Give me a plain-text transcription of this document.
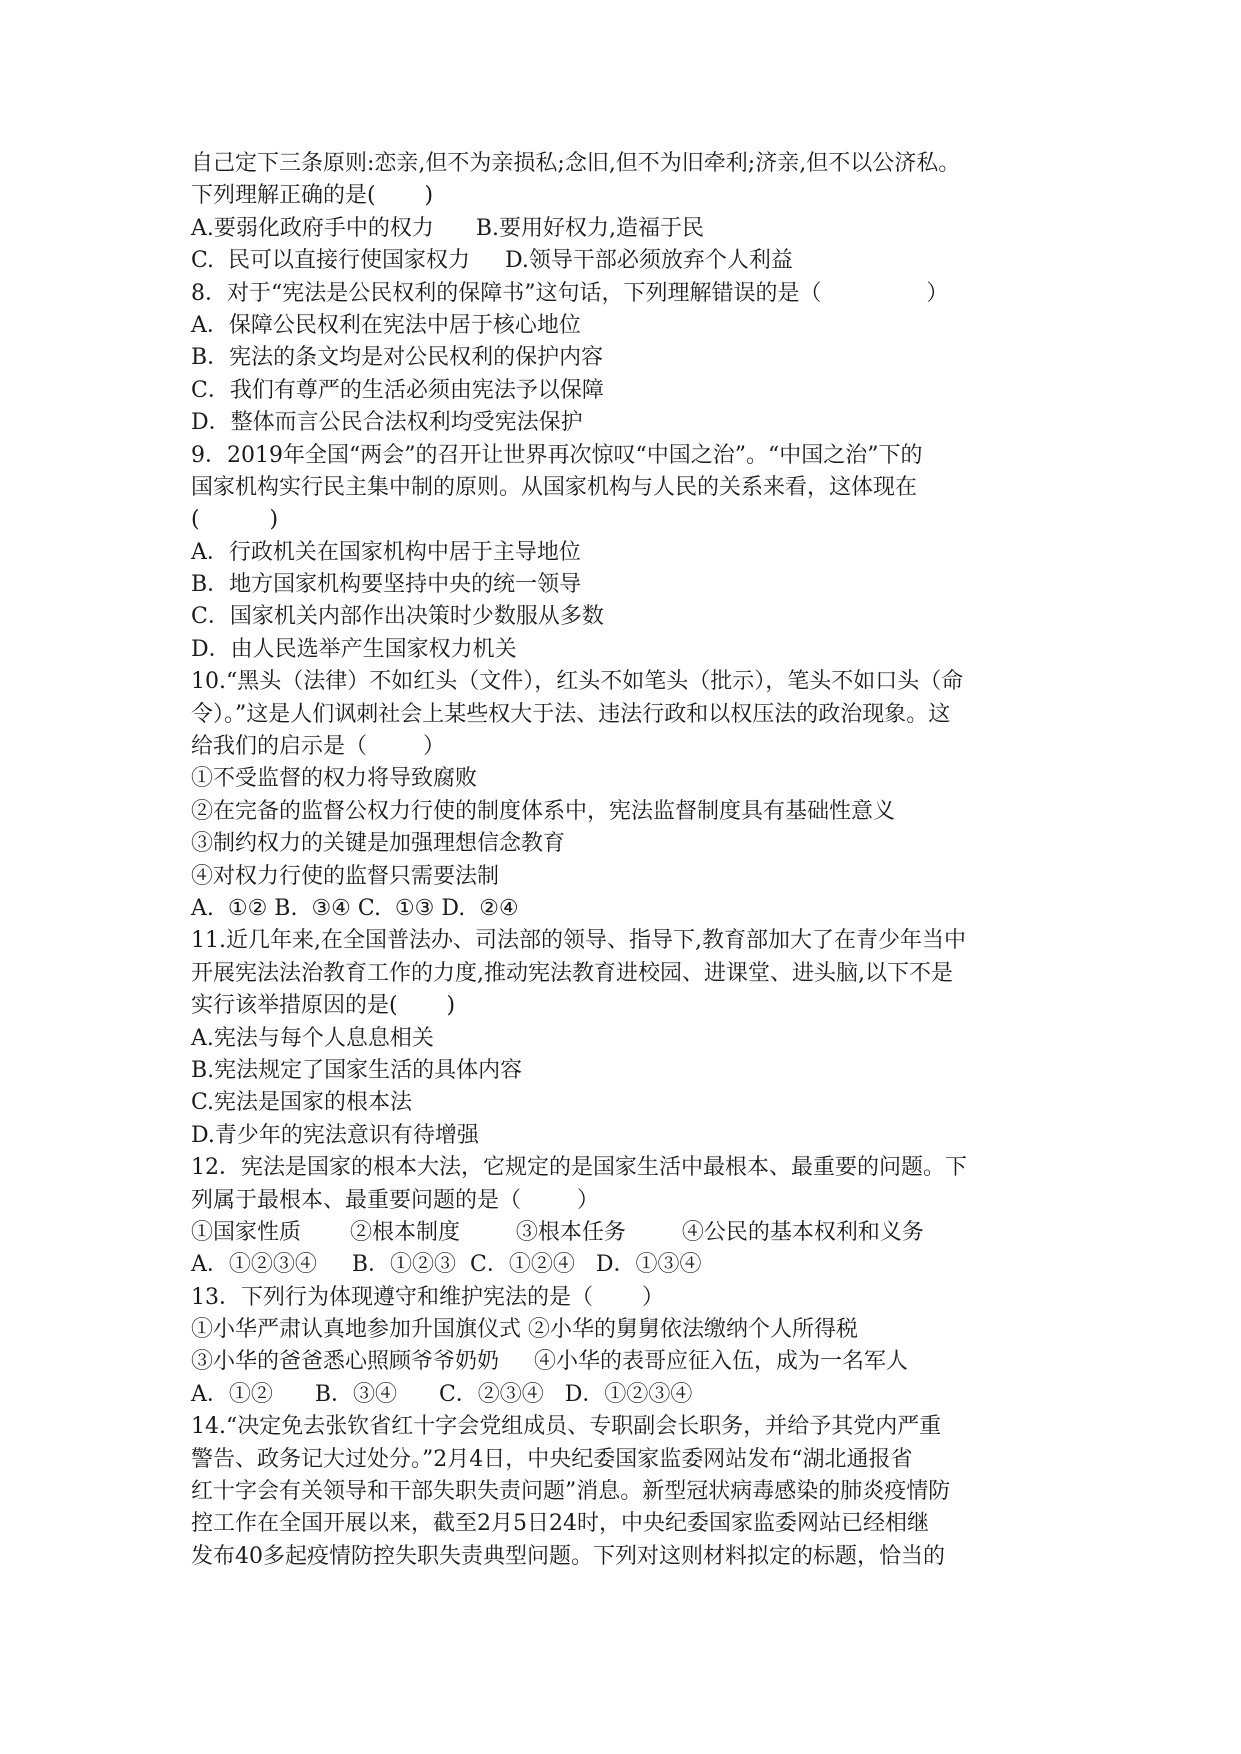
自己定下三条原则:恋亲,但不为亲损私;念旧,但不为旧牵利;济亲,但不以公济私。
下列理解正确的是(       )
A.要弱化政府手中的权力      B.要用好权力,造福于民
C.  民可以直接行使国家权力     D.领导干部必须放弃个人利益
8．对于“宪法是公民权利的保障书”这句话，下列理解错误的是（               ）
A．保障公民权利在宪法中居于核心地位
B．宪法的条文均是对公民权利的保护内容
C．我们有尊严的生活必须由宪法予以保障
D．整体而言公民合法权利均受宪法保护
9．2019年全国“两会”的召开让世界再次惊叹“中国之治”。“中国之治”下的
国家机构实行民主集中制的原则。从国家机构与人民的关系来看，这体现在
(          )
A．行政机关在国家机构中居于主导地位
B．地方国家机构要坚持中央的统一领导
C．国家机关内部作出决策时少数服从多数
D．由人民选举产生国家权力机关
10.“黑头（法律）不如红头（文件），红头不如笔头（批示），笔头不如口头（命
令）。”这是人们讽刺社会上某些权大于法、违法行政和以权压法的政治现象。这
给我们的启示是（        ）
①不受监督的权力将导致腐败
②在完备的监督公权力行使的制度体系中，宪法监督制度具有基础性意义
③制约权力的关键是加强理想信念教育
④对权力行使的监督只需要法制
A.  ①② B.  ③④ C.  ①③ D.  ②④
11.近几年来,在全国普法办、司法部的领导、指导下,教育部加大了在青少年当中
开展宪法法治教育工作的力度,推动宪法教育进校园、进课堂、进头脑,以下不是
实行该举措原因的是(       )
A.宪法与每个人息息相关
B.宪法规定了国家生活的具体内容
C.宪法是国家的根本法
D.青少年的宪法意识有待增强
12．宪法是国家的根本大法，它规定的是国家生活中最根本、最重要的问题。下
列属于最根本、最重要问题的是（        ）
①国家性质       ②根本制度        ③根本任务        ④公民的基本权利和义务
A．①②③④     B．①②③  C．①②④   D．①③④
13．下列行为体现遵守和维护宪法的是（       ）
①小华严肃认真地参加升国旗仪式 ②小华的舅舅依法缴纳个人所得税
③小华的爸爸悉心照顾爷爷奶奶     ④小华的表哥应征入伍，成为一名军人
A．①②      B．③④      C．②③④   D．①②③④
14.“决定免去张钦省红十字会党组成员、专职副会长职务，并给予其党内严重
警告、政务记大过处分。”2月4日，中央纪委国家监委网站发布“湖北通报省
红十字会有关领导和干部失职失责问题”消息。新型冠状病毒感染的肺炎疫情防
控工作在全国开展以来，截至2月5日24时，中央纪委国家监委网站已经相继
发布40多起疫情防控失职失责典型问题。下列对这则材料拟定的标题，恰当的
